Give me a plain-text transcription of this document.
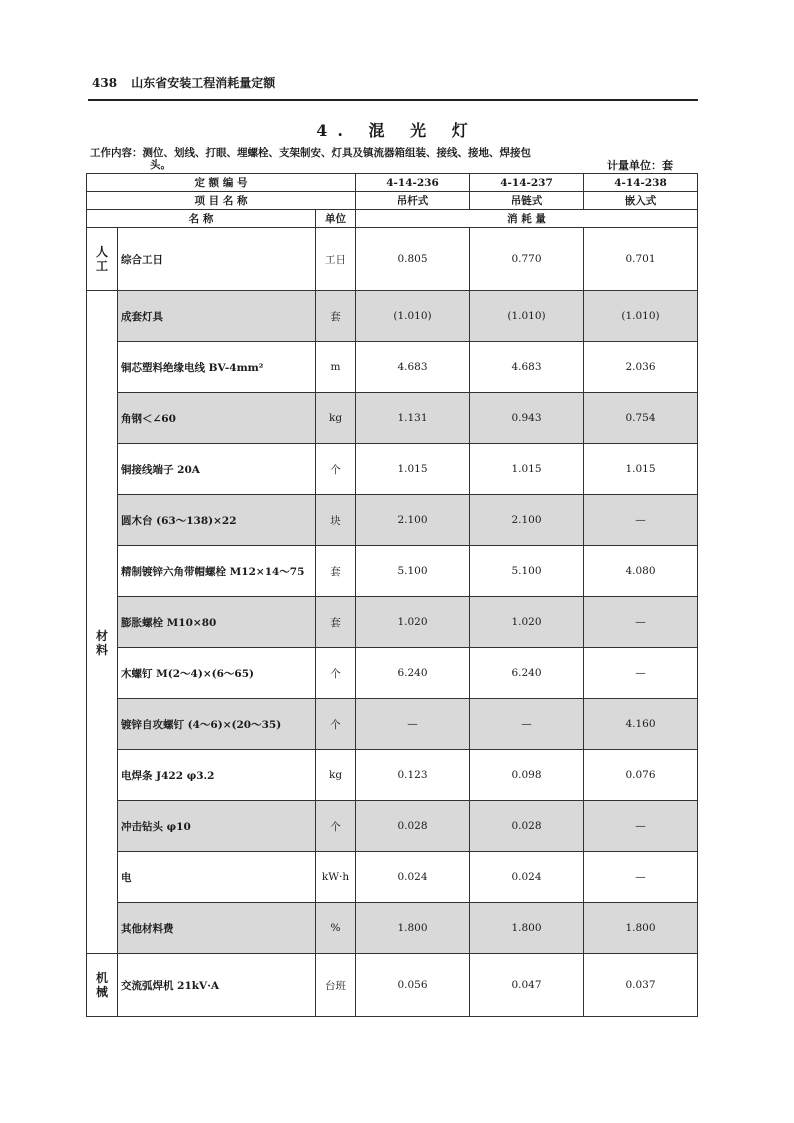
438 山东省安装工程消耗量定额
4. 混 光 灯
工作内容：测位、划线、打眼、埋螺栓、支架制安、灯具及镇流器箱组装、接线、接地、焊接包
头。	计量单位：套
定 额 编 号			4-14-236	4-14-237	4-14-238
项 目 名 称			吊杆式	吊链式	嵌入式
名 称		单位	消 耗 量		

人
工	综合工日	工日	0.805	0.770	0.701

材
料	成套灯具	套	(1.010)	(1.010)	(1.010)
	铜芯塑料绝缘电线 BV-4mm²	m	4.683	4.683	2.036
	角钢＜∠60	kg	1.131	0.943	0.754
	铜接线端子 20A	个	1.015	1.015	1.015
	圆木台 (63～138)×22	块	2.100	2.100	—
	精制镀锌六角带帽螺栓 M12×14～75	套	5.100	5.100	4.080
	膨胀螺栓 M10×80	套	1.020	1.020	—
	木螺钉 M(2～4)×(6～65)	个	6.240	6.240	—
	镀锌自攻螺钉 (4～6)×(20～35)	个	—	—	4.160
	电焊条 J422 φ3.2	kg	0.123	0.098	0.076
	冲击钻头 φ10	个	0.028	0.028	—
	电	kW·h	0.024	0.024	—
	其他材料费	%	1.800	1.800	1.800

机
械	交流弧焊机 21kV·A	台班	0.056	0.047	0.037
